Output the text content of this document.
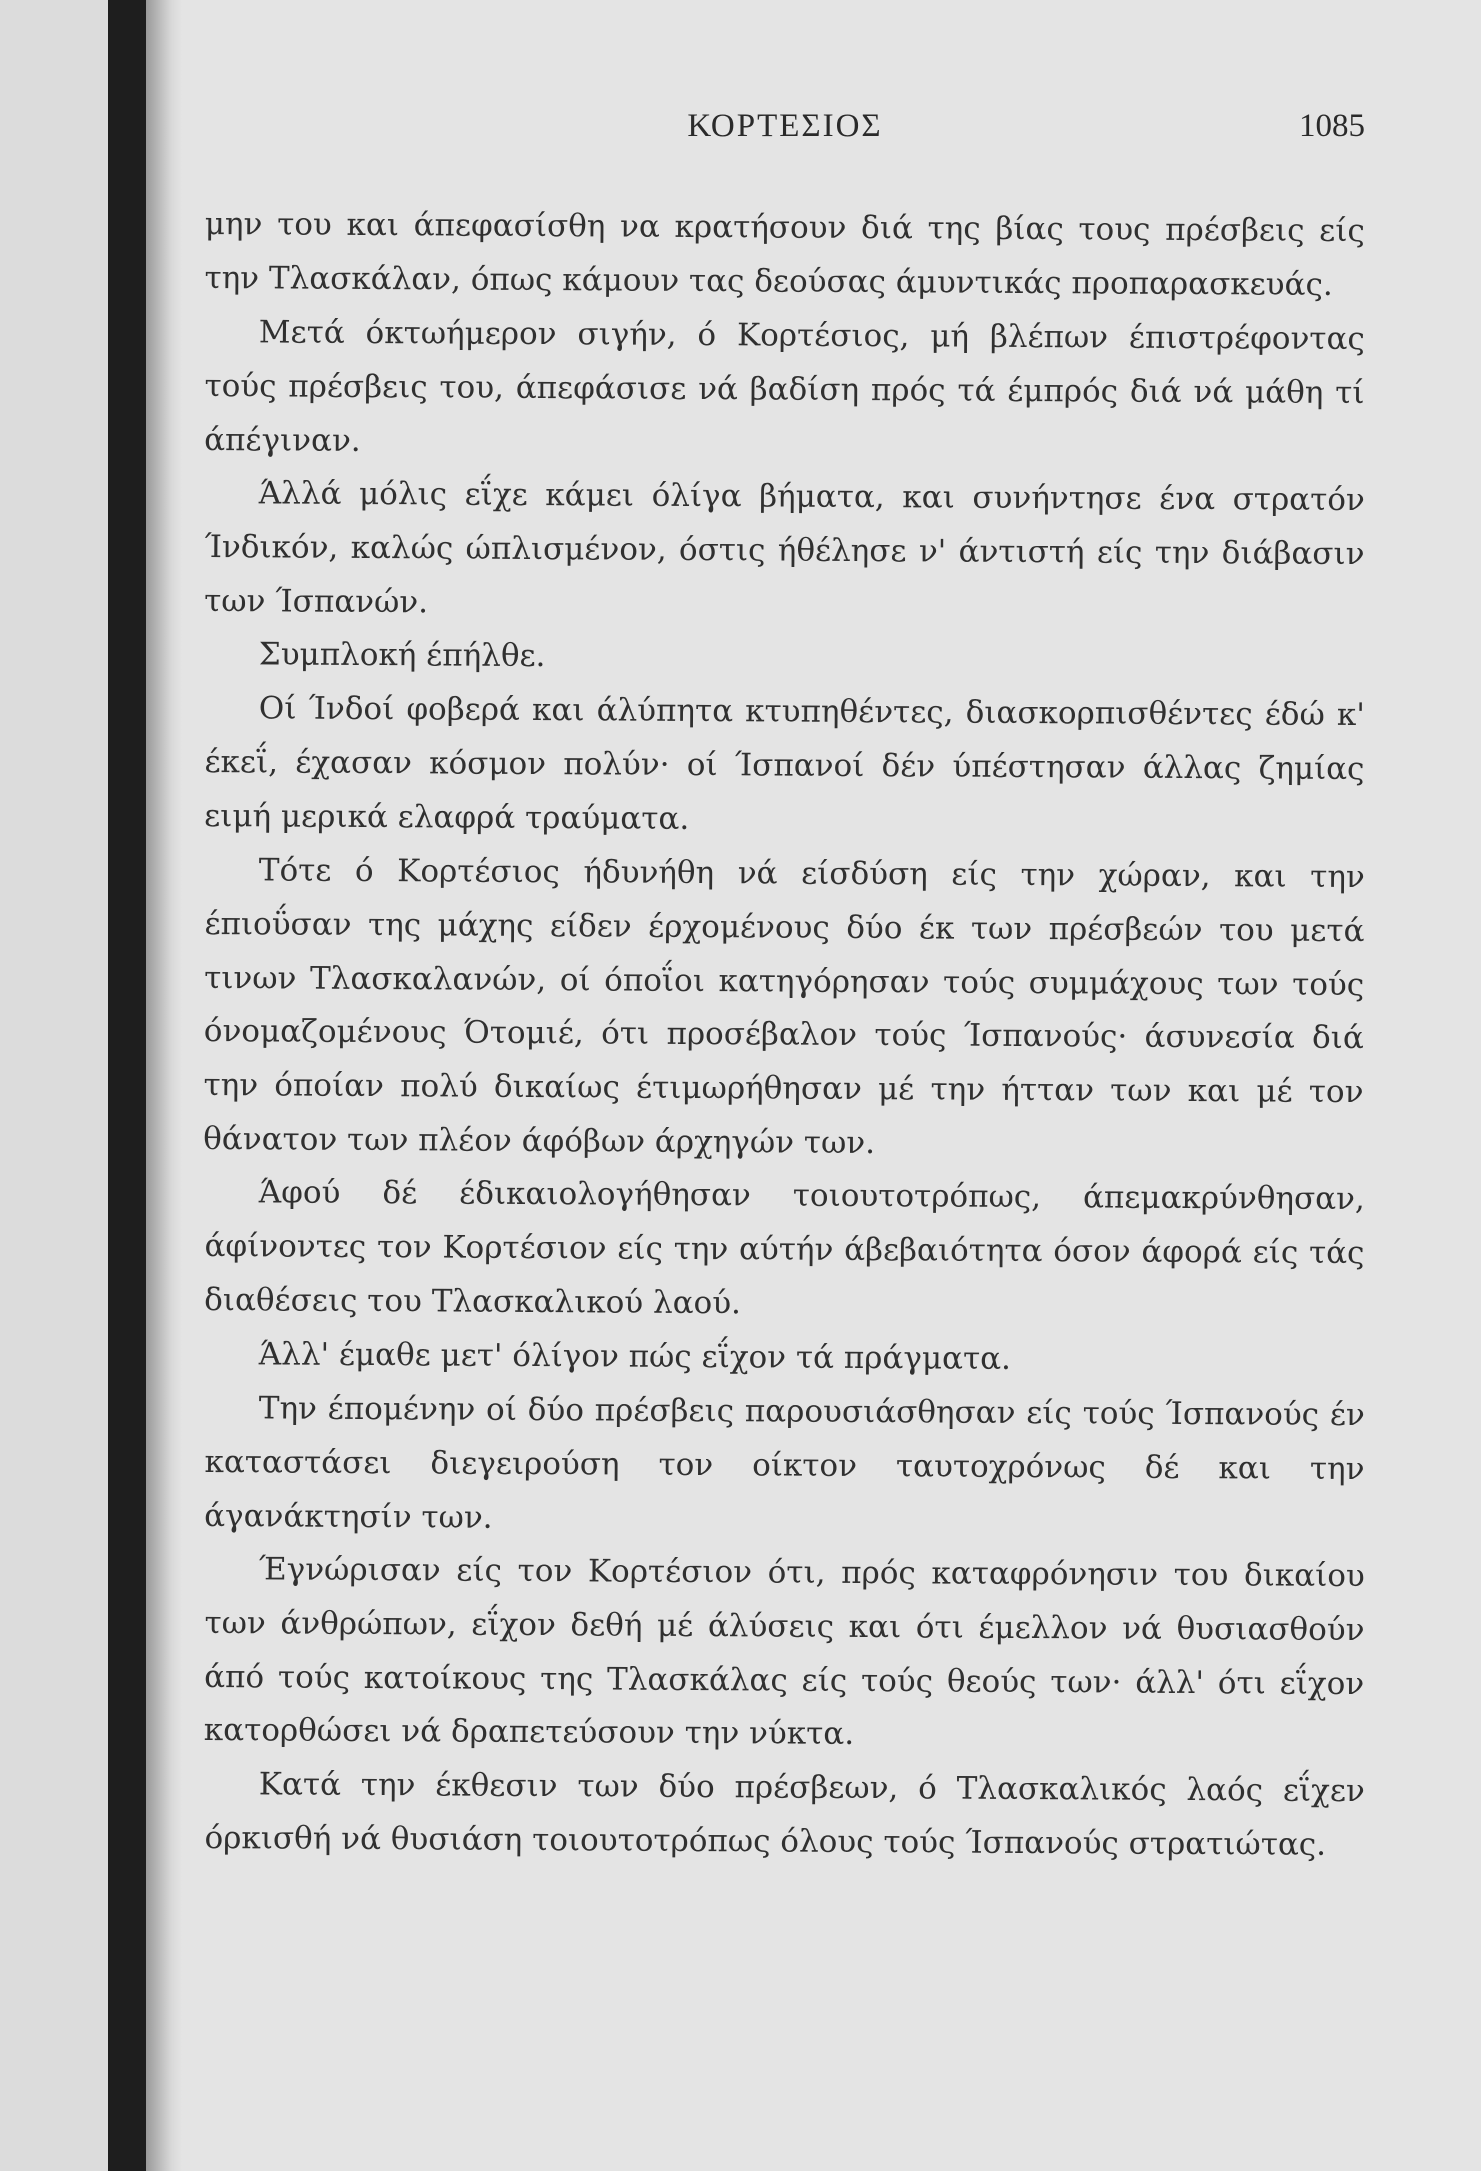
ΚΟΡΤΕΣΙΟΣ	1085

μην του και άπεφασίσθη να κρατήσουν διά της βίας τους πρέσβεις είς την Τλασκάλαν, όπως κάμουν τας δεούσας άμυντικάς προπαρασκευάς.

Μετά όκτωήμερον σιγήν, ό Κορτέσιος, μή βλέπων έπιστρέφοντας τούς πρέσβεις του, άπεφάσισε νά βαδίση πρός τά έμπρός διά νά μάθη τί άπέγιναν.

Άλλά μόλις εΐχε κάμει όλίγα βήματα, και συνήντησε ένα στρατόν Ίνδικόν, καλώς ώπλισμένον, όστις ήθέλησε ν' άντιστή είς την διάβασιν των Ίσπανών.

Συμπλοκή έπήλθε.

Οί Ίνδοί φοβερά και άλύπητα κτυπηθέντες, διασκορπισθέντες έδώ κ' έκεΐ, έχασαν κόσμον πολύν· οί Ίσπανοί δέν ύπέστησαν άλλας ζημίας ειμή μερικά ελαφρά τραύματα.

Τότε ό Κορτέσιος ήδυνήθη νά είσδύση είς την χώραν, και την έπιοΰσαν της μάχης είδεν έρχομένους δύο έκ των πρέσβεών του μετά τινων Τλασκαλανών, οί όποΐοι κατηγόρησαν τούς συμμάχους των τούς όνομαζομένους Ότομιέ, ότι προσέβαλον τούς Ίσπανούς· άσυνεσία διά την όποίαν πολύ δικαίως έτιμωρήθησαν μέ την ήτταν των και μέ τον θάνατον των πλέον άφόβων άρχηγών των.

Άφού δέ έδικαιολογήθησαν τοιουτοτρόπως, άπεμακρύνθησαν, άφίνοντες τον Κορτέσιον είς την αύτήν άβεβαιότητα όσον άφορά είς τάς διαθέσεις του Τλασκαλικού λαού.

Άλλ' έμαθε μετ' όλίγον πώς εΐχον τά πράγματα.

Την έπομένην οί δύο πρέσβεις παρουσιάσθησαν είς τούς Ίσπανούς έν καταστάσει διεγειρούση τον οίκτον ταυτοχρόνως δέ και την άγανάκτησίν των.

Έγνώρισαν είς τον Κορτέσιον ότι, πρός καταφρόνησιν του δικαίου των άνθρώπων, εΐχον δεθή μέ άλύσεις και ότι έμελλον νά θυσιασθούν άπό τούς κατοίκους της Τλασκάλας είς τούς θεούς των· άλλ' ότι εΐχον κατορθώσει νά δραπετεύσουν την νύκτα.

Κατά την έκθεσιν των δύο πρέσβεων, ό Τλασκαλικός λαός εΐχεν όρκισθή νά θυσιάση τοιουτοτρόπως όλους τούς Ίσπανούς στρατιώτας.
